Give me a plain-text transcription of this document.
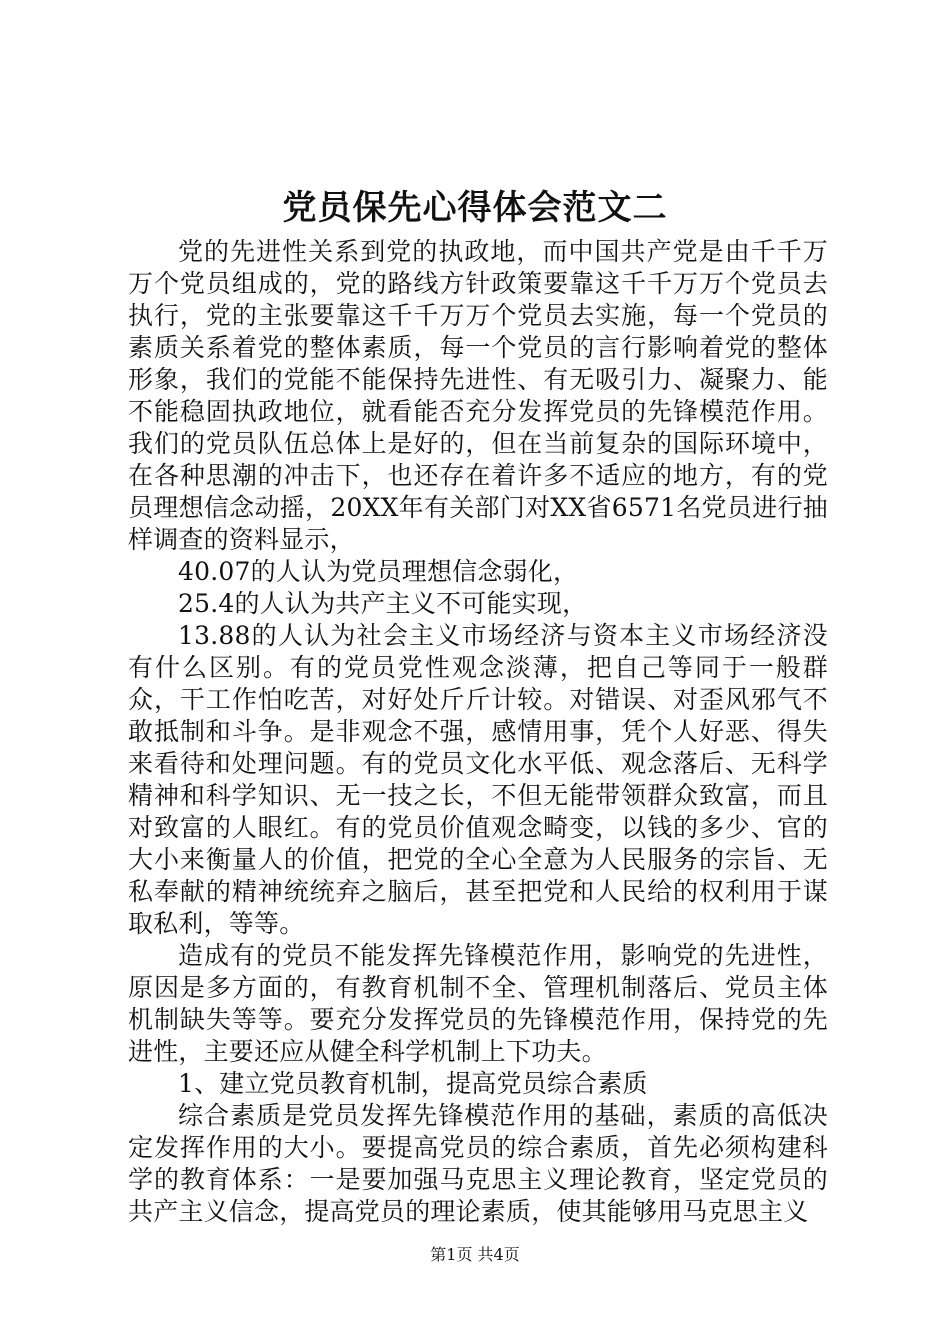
党员保先心得体会范文二

党的先进性关系到党的执政地，而中国共产党是由千千万万个党员组成的，党的路线方针政策要靠这千千万万个党员去执行，党的主张要靠这千千万万个党员去实施，每一个党员的素质关系着党的整体素质，每一个党员的言行影响着党的整体形象，我们的党能不能保持先进性、有无吸引力、凝聚力、能不能稳固执政地位，就看能否充分发挥党员的先锋模范作用。我们的党员队伍总体上是好的，但在当前复杂的国际环境中，在各种思潮的冲击下，也还存在着许多不适应的地方，有的党员理想信念动摇，20XX年有关部门对XX省6571名党员进行抽样调查的资料显示，

40.07的人认为党员理想信念弱化，

25.4的人认为共产主义不可能实现，

13.88的人认为社会主义市场经济与资本主义市场经济没有什么区别。有的党员党性观念淡薄，把自己等同于一般群众，干工作怕吃苦，对好处斤斤计较。对错误、对歪风邪气不敢抵制和斗争。是非观念不强，感情用事，凭个人好恶、得失来看待和处理问题。有的党员文化水平低、观念落后、无科学精神和科学知识、无一技之长，不但无能带领群众致富，而且对致富的人眼红。有的党员价值观念畸变，以钱的多少、官的大小来衡量人的价值，把党的全心全意为人民服务的宗旨、无私奉献的精神统统弃之脑后，甚至把党和人民给的权利用于谋取私利，等等。

造成有的党员不能发挥先锋模范作用，影响党的先进性，原因是多方面的，有教育机制不全、管理机制落后、党员主体机制缺失等等。要充分发挥党员的先锋模范作用，保持党的先进性，主要还应从健全科学机制上下功夫。

1、建立党员教育机制，提高党员综合素质

综合素质是党员发挥先锋模范作用的基础，素质的高低决定发挥作用的大小。要提高党员的综合素质，首先必须构建科学的教育体系：一是要加强马克思主义理论教育，坚定党员的共产主义信念，提高党员的理论素质，使其能够用马克思主义

第1页 共4页
